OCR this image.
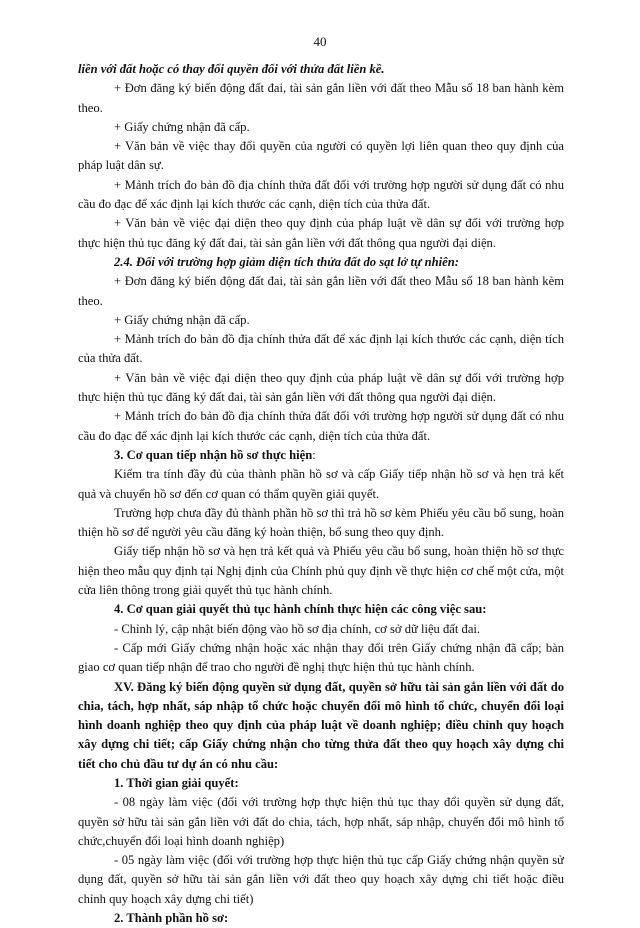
40

liền với đất hoặc có thay đổi quyền đối với thửa đất liền kề.

+ Đơn đăng ký biến động đất đai, tài sản gắn liền với đất theo Mẫu số 18 ban hành kèm theo.

+ Giấy chứng nhận đã cấp.

+ Văn bản về việc thay đổi quyền của người có quyền lợi liên quan theo quy định của pháp luật dân sự.

+ Mảnh trích đo bản đồ địa chính thửa đất đối với trường hợp người sử dụng đất có nhu cầu đo đạc để xác định lại kích thước các cạnh, diện tích của thửa đất.

+ Văn bản về việc đại diện theo quy định của pháp luật về dân sự đối với trường hợp thực hiện thủ tục đăng ký đất đai, tài sản gắn liền với đất thông qua người đại diện.

2.4. Đối với trường hợp giảm diện tích thửa đất do sạt lở tự nhiên:

+ Đơn đăng ký biến động đất đai, tài sản gắn liền với đất theo Mẫu số 18 ban hành kèm theo.

+ Giấy chứng nhận đã cấp.

+ Mảnh trích đo bản đồ địa chính thửa đất để xác định lại kích thước các cạnh, diện tích của thửa đất.

+ Văn bản về việc đại diện theo quy định của pháp luật về dân sự đối với trường hợp thực hiện thủ tục đăng ký đất đai, tài sản gắn liền với đất thông qua người đại diện.

+ Mảnh trích đo bản đồ địa chính thửa đất đối với trường hợp người sử dụng đất có nhu cầu đo đạc để xác định lại kích thước các cạnh, diện tích của thửa đất.

3. Cơ quan tiếp nhận hồ sơ thực hiện:

Kiểm tra tính đầy đủ của thành phần hồ sơ và cấp Giấy tiếp nhận hồ sơ và hẹn trả kết quả và chuyển hồ sơ đến cơ quan có thẩm quyền giải quyết.

Trường hợp chưa đầy đủ thành phần hồ sơ thì trả hồ sơ kèm Phiếu yêu cầu bổ sung, hoàn thiện hồ sơ để người yêu cầu đăng ký hoàn thiện, bổ sung theo quy định.

Giấy tiếp nhận hồ sơ và hẹn trả kết quả và Phiếu yêu cầu bổ sung, hoàn thiện hồ sơ thực hiện theo mẫu quy định tại Nghị định của Chính phủ quy định về thực hiện cơ chế một cửa, một cửa liên thông trong giải quyết thủ tục hành chính.

4. Cơ quan giải quyết thủ tục hành chính thực hiện các công việc sau:

- Chỉnh lý, cập nhật biến động vào hồ sơ địa chính, cơ sở dữ liệu đất đai.

- Cấp mới Giấy chứng nhận hoặc xác nhận thay đổi trên Giấy chứng nhận đã cấp; bàn giao cơ quan tiếp nhận để trao cho người đề nghị thực hiện thủ tục hành chính.

XV. Đăng ký biến động quyền sử dụng đất, quyền sở hữu tài sản gắn liền với đất do chia, tách, hợp nhất, sáp nhập tổ chức hoặc chuyển đổi mô hình tổ chức, chuyển đổi loại hình doanh nghiệp theo quy định của pháp luật về doanh nghiệp; điều chỉnh quy hoạch xây dựng chi tiết; cấp Giấy chứng nhận cho từng thửa đất theo quy hoạch xây dựng chi tiết cho chủ đầu tư dự án có nhu cầu:

1. Thời gian giải quyết:

- 08 ngày làm việc (đối với trường hợp thực hiện thủ tục thay đổi quyền sử dụng đất, quyền sở hữu tài sản gắn liền với đất do chia, tách, hợp nhất, sáp nhập, chuyển đổi mô hình tổ chức,chuyển đổi loại hình doanh nghiệp)

- 05 ngày làm việc (đối với trường hợp thực hiện thủ tục cấp Giấy chứng nhận quyền sử dụng đất, quyền sở hữu tài sản gắn liền với đất theo quy hoạch xây dựng chi tiết hoặc điều chỉnh quy hoạch xây dựng chi tiết)

2. Thành phần hồ sơ:
